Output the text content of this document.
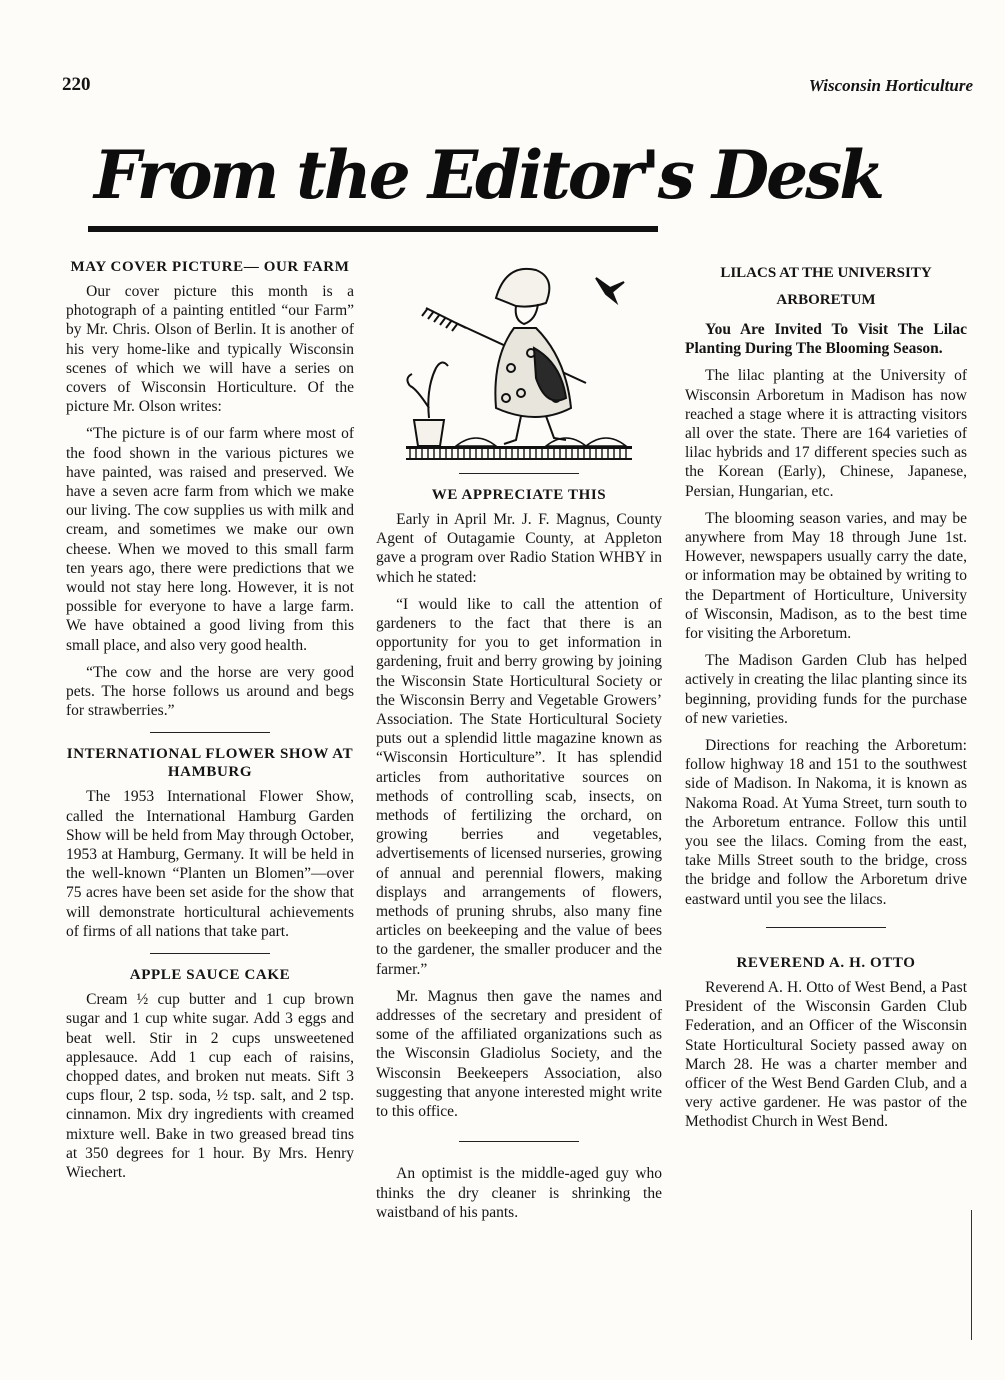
220	Wisconsin Horticulture
From the Editor's Desk
MAY COVER PICTURE— OUR FARM

Our cover picture this month is a photograph of a painting entitled “our Farm” by Mr. Chris. Olson of Berlin. It is another of his very home-like and typically Wisconsin scenes of which we will have a series on covers of Wisconsin Horticulture. Of the picture Mr. Olson writes:

“The picture is of our farm where most of the food shown in the various pictures we have painted, was raised and preserved. We have a seven acre farm from which we make our living. The cow supplies us with milk and cream, and sometimes we make our own cheese. When we moved to this small farm ten years ago, there were predictions that we would not stay here long. However, it is not possible for everyone to have a large farm. We have obtained a good living from this small place, and also very good health.

“The cow and the horse are very good pets. The horse follows us around and begs for strawberries.”

INTERNATIONAL FLOWER SHOW AT HAMBURG

The 1953 International Flower Show, called the International Hamburg Garden Show will be held from May through October, 1953 at Hamburg, Germany. It will be held in the well-known “Planten un Blomen”—over 75 acres have been set aside for the show that will demonstrate horticultural achievements of firms of all nations that take part.

APPLE SAUCE CAKE

Cream ½ cup butter and 1 cup brown sugar and 1 cup white sugar. Add 3 eggs and beat well. Stir in 2 cups unsweetened applesauce. Add 1 cup each of raisins, chopped dates, and broken nut meats. Sift 3 cups flour, 2 tsp. soda, ½ tsp. salt, and 2 tsp. cinnamon. Mix dry ingredients with creamed mixture well. Bake in two greased bread tins at 350 degrees for 1 hour. By Mrs. Henry Wiechert.

WE APPRECIATE THIS

Early in April Mr. J. F. Magnus, County Agent of Outagamie County, at Appleton gave a program over Radio Station WHBY in which he stated:

“I would like to call the attention of gardeners to the fact that there is an opportunity for you to get information in gardening, fruit and berry growing by joining the Wisconsin State Horticultural Society or the Wisconsin Berry and Vegetable Growers’ Association. The State Horticultural Society puts out a splendid little magazine known as “Wisconsin Horticulture”. It has splendid articles from authoritative sources on methods of controlling scab, insects, on methods of fertilizing the orchard, on growing berries and vegetables, advertisements of licensed nurseries, growing of annual and perennial flowers, making displays and arrangements of flowers, methods of pruning shrubs, also many fine articles on beekeeping and the value of bees to the gardener, the smaller producer and the farmer.”

Mr. Magnus then gave the names and addresses of the secretary and president of some of the affiliated organizations such as the Wisconsin Gladiolus Society, and the Wisconsin Beekeepers Association, also suggesting that anyone interested might write to this office.

An optimist is the middle-aged guy who thinks the dry cleaner is shrinking the waistband of his pants.

LILACS AT THE UNIVERSITY ARBORETUM

You Are Invited To Visit The Lilac Planting During The Blooming Season.

The lilac planting at the University of Wisconsin Arboretum in Madison has now reached a stage where it is attracting visitors all over the state. There are 164 varieties of lilac hybrids and 17 different species such as the Korean (Early), Chinese, Japanese, Persian, Hungarian, etc.

The blooming season varies, and may be anywhere from May 18 through June 1st. However, newspapers usually carry the date, or information may be obtained by writing to the Department of Horticulture, University of Wisconsin, Madison, as to the best time for visiting the Arboretum.

The Madison Garden Club has helped actively in creating the lilac planting since its beginning, providing funds for the purchase of new varieties.

Directions for reaching the Arboretum: follow highway 18 and 151 to the southwest side of Madison. In Nakoma, it is known as Nakoma Road. At Yuma Street, turn south to the Arboretum entrance. Follow this until you see the lilacs. Coming from the east, take Mills Street south to the bridge, cross the bridge and follow the Arboretum drive eastward until you see the lilacs.

REVEREND A. H. OTTO

Reverend A. H. Otto of West Bend, a Past President of the Wisconsin Garden Club Federation, and an Officer of the Wisconsin State Horticultural Society passed away on March 28. He was a charter member and officer of the West Bend Garden Club, and a very active gardener. He was pastor of the Methodist Church in West Bend.
